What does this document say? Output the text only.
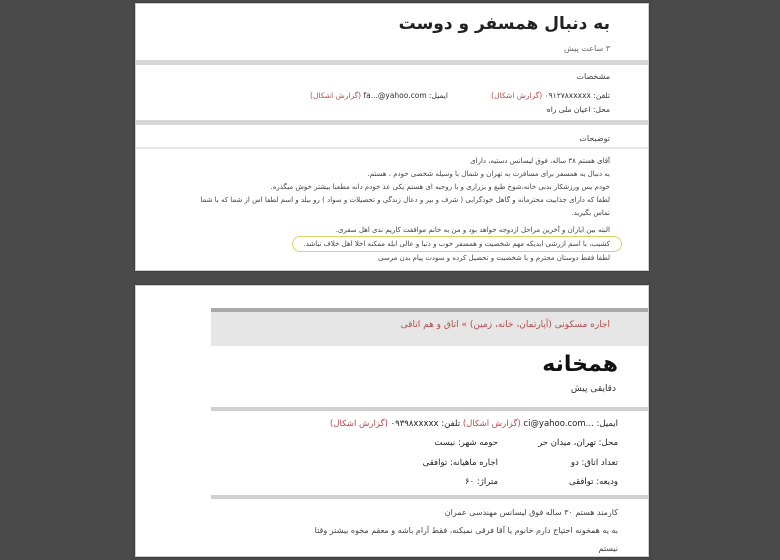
به دنبال همسفر و دوست
۳ ساعت پیش
مشخصات
تلفن: ۰۹۱۲۷۸xxxxx (گزارش اشکال)
ایمیل: fa...@yahoo.com (گزارش اشکال)
محل: اعیان ملی راه
توضیحات
آقای هستم ۳۸ ساله، فوق لیسانس دستیه، دارای
به دنبال یه همسفر برای مسافرت به تهران و شمال با وسیله شخصی خودم ، هستم.
خودم یس ورزشکار بدنی خانه،شوخ طبع و یزراری و با روحیه ای هستم یکی عذ خودم دانه مطعنا بیشتر خوش میگذره.
لطفا که دارای جذابیت محترمانه و گاهل خودگرایی ( شرف و بیر و دعال زندگی و تحصیلات و سواد ) رو بیلد و اسم لطفا اس از شما که با شما
تماس بگیرید.
البته بین ایاران و آخرین مراحل ازدوجه خواهد بود و من به خانم موافقت کاریم ندی اهل سفری.
کشیب، با اسم ازرشی ایدیکه مهم شخصیت و همسفر خوب و دنیا و عالی ایله ممکنه اخلا اهل خلاف نباشد.
لطفا فقط دوستان محترم و با شخصیت و تحصیل کرده و سودت پیام بدن مرسی
اجاره مسکونی (آپارتمان، خانه، زمین) » اتاق و هم اتاقی
همخانه
دقایقی پیش
ایمیل: ...ci@yahoo.com (گزارش اشکال) تلفن: ۰۹۳۹۸xxxxx (گزارش اشکال)
محل: تهران، میدان حر
حومه شهر: نیست
تعداد اتاق: دو
اجاره ماهیانه: توافقی
ودیعه: توافقی
متراژ: ۶۰
کارمند هستم ۳۰ ساله فوق لیسانس مهندسی عمران
به یه همخونه احتیاج دارم خانوم یا آقا فرقی نمیکنه، فقط آرام باشه و معقم مخوه بیشتر وقتا
نیستم
